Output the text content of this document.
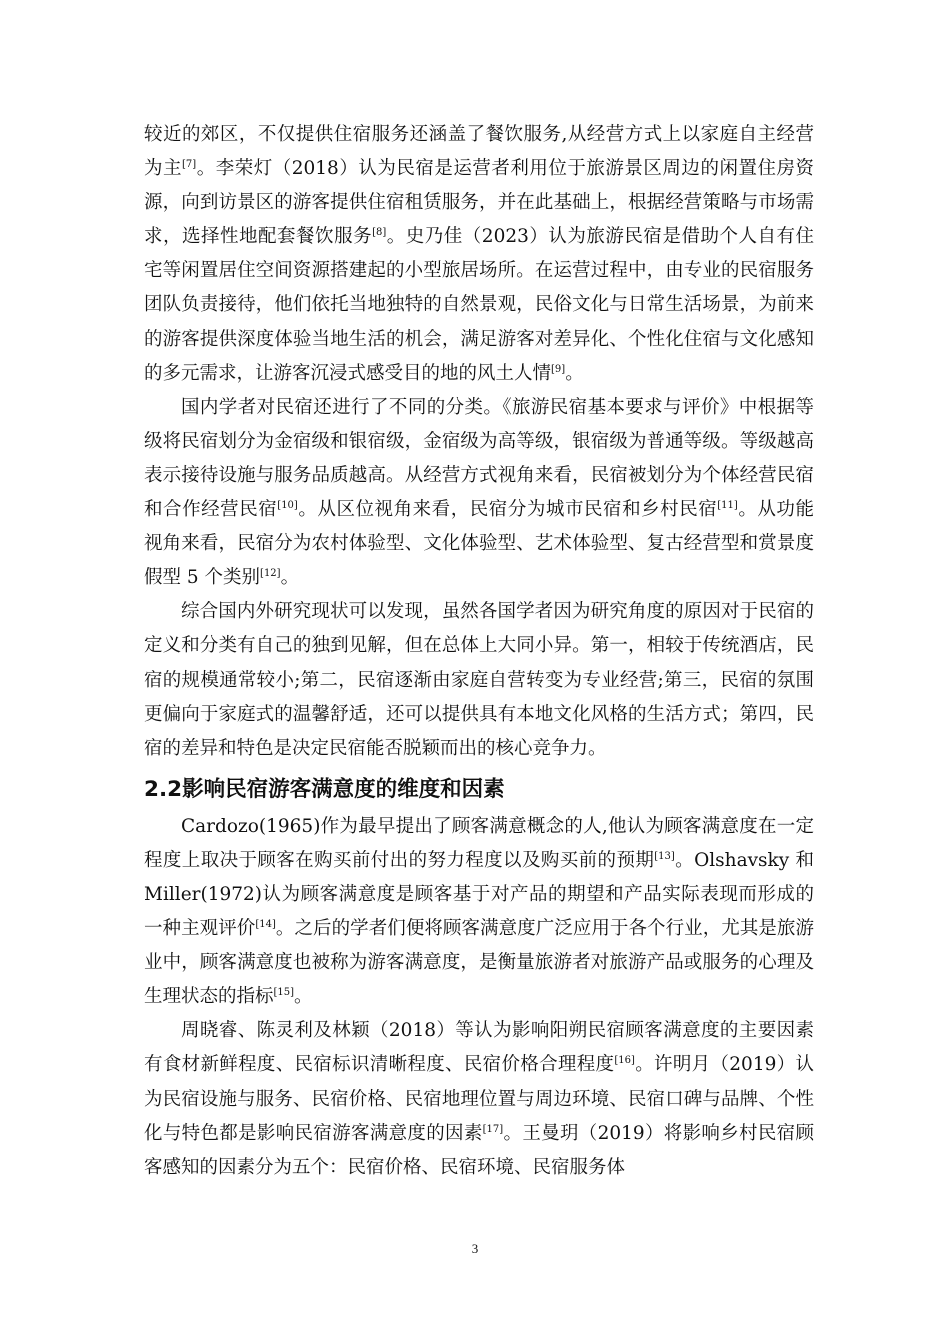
较近的郊区，不仅提供住宿服务还涵盖了餐饮服务,从经营方式上以家庭自主经营为主[7]。李荣灯（2018）认为民宿是运营者利用位于旅游景区周边的闲置住房资源，向到访景区的游客提供住宿租赁服务，并在此基础上，根据经营策略与市场需求，选择性地配套餐饮服务[8]。史乃佳（2023）认为旅游民宿是借助个人自有住宅等闲置居住空间资源搭建起的小型旅居场所。在运营过程中，由专业的民宿服务团队负责接待，他们依托当地独特的自然景观，民俗文化与日常生活场景，为前来的游客提供深度体验当地生活的机会，满足游客对差异化、个性化住宿与文化感知的多元需求，让游客沉浸式感受目的地的风土人情[9]。

国内学者对民宿还进行了不同的分类。《旅游民宿基本要求与评价》中根据等级将民宿划分为金宿级和银宿级，金宿级为高等级，银宿级为普通等级。等级越高表示接待设施与服务品质越高。从经营方式视角来看，民宿被划分为个体经营民宿和合作经营民宿[10]。从区位视角来看，民宿分为城市民宿和乡村民宿[11]。从功能视角来看，民宿分为农村体验型、文化体验型、艺术体验型、复古经营型和赏景度假型 5 个类别[12]。

综合国内外研究现状可以发现，虽然各国学者因为研究角度的原因对于民宿的定义和分类有自己的独到见解，但在总体上大同小异。第一，相较于传统酒店，民宿的规模通常较小;第二，民宿逐渐由家庭自营转变为专业经营;第三，民宿的氛围更偏向于家庭式的温馨舒适，还可以提供具有本地文化风格的生活方式；第四，民宿的差异和特色是决定民宿能否脱颖而出的核心竞争力。

2.2影响民宿游客满意度的维度和因素

Cardozo(1965)作为最早提出了顾客满意概念的人,他认为顾客满意度在一定程度上取决于顾客在购买前付出的努力程度以及购买前的预期[13]。Olshavsky 和 Miller(1972)认为顾客满意度是顾客基于对产品的期望和产品实际表现而形成的一种主观评价[14]。之后的学者们便将顾客满意度广泛应用于各个行业，尤其是旅游业中，顾客满意度也被称为游客满意度，是衡量旅游者对旅游产品或服务的心理及生理状态的指标[15]。

周晓睿、陈灵利及林颖（2018）等认为影响阳朔民宿顾客满意度的主要因素有食材新鲜程度、民宿标识清晰程度、民宿价格合理程度[16]。许明月（2019）认为民宿设施与服务、民宿价格、民宿地理位置与周边环境、民宿口碑与品牌、个性化与特色都是影响民宿游客满意度的因素[17]。王曼玥（2019）将影响乡村民宿顾客感知的因素分为五个：民宿价格、民宿环境、民宿服务体

3
